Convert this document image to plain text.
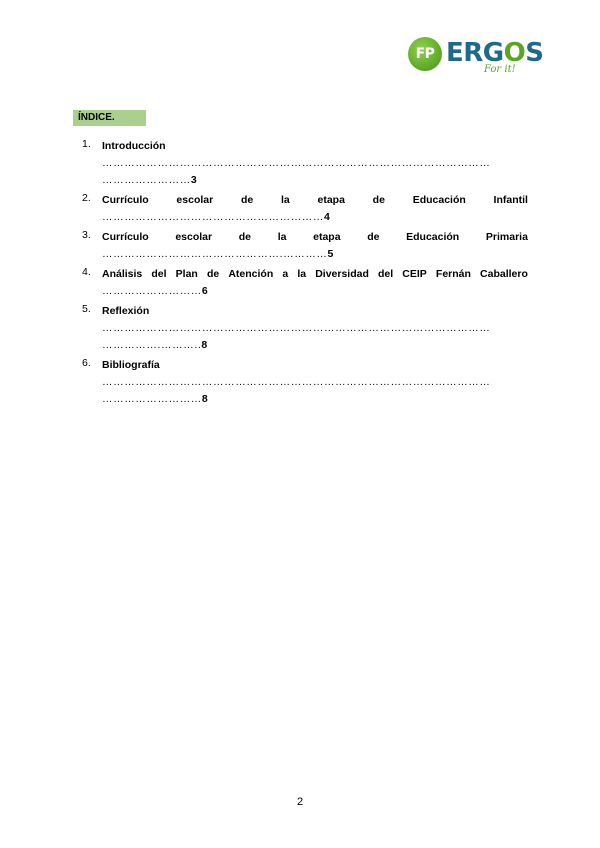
FP ERGOS
For it!
ÍNDICE.
1. Introducción
……………………………………………………………………………………………
…………………… 3
2. Currículo	escolar	de	la	etapa	de	Educación	Infantil
…………………………………………………… 4
3. Currículo	escolar	de	la	etapa	de	Educación	Primaria
………………………………………….………… 5
4. Análisis del Plan de Atención a la Diversidad del CEIP Fernán Caballero
……………………… 6
5. Reflexión
……………………………………………………………………………………………
…………….……….. 8
6. Bibliografía
……………………………………………………………………………………………
……………………… 8
2
